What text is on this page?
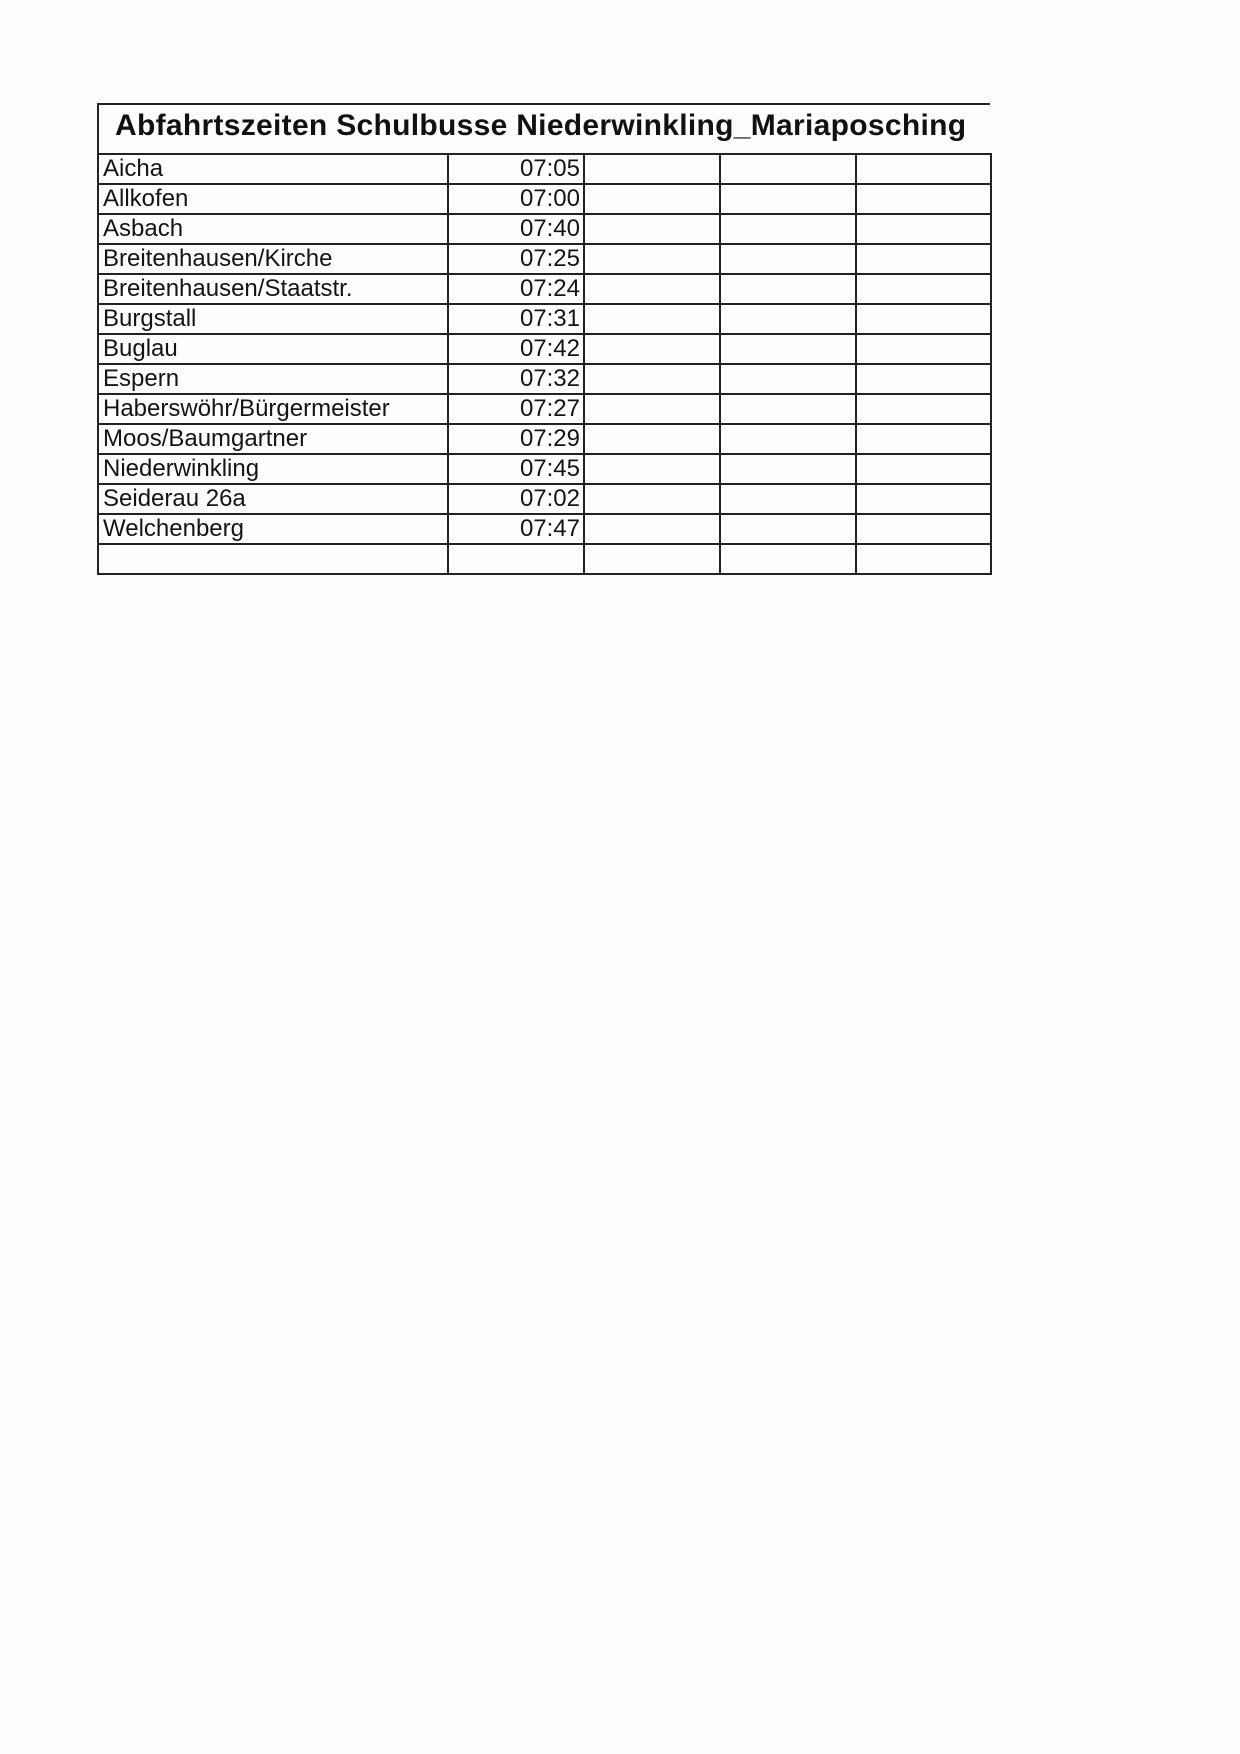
Abfahrtszeiten Schulbusse Niederwinkling_Mariaposching
Aicha	07:05			
Allkofen	07:00			
Asbach	07:40			
Breitenhausen/Kirche	07:25			
Breitenhausen/Staatstr.	07:24			
Burgstall	07:31			
Buglau	07:42			
Espern	07:32			
Haberswöhr/Bürgermeister	07:27			
Moos/Baumgartner	07:29			
Niederwinkling	07:45			
Seiderau 26a	07:02			
Welchenberg	07:47			
